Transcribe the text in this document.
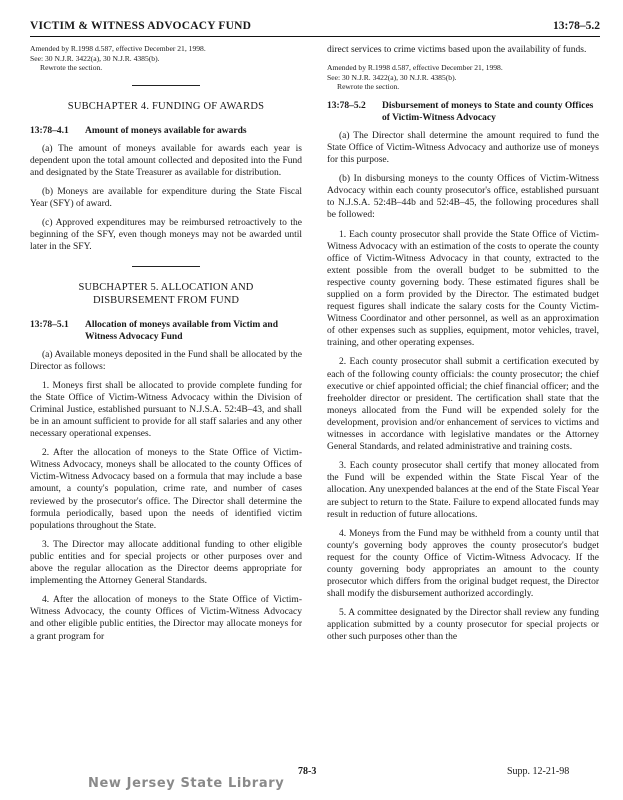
VICTIM & WITNESS ADVOCACY FUND	13:78–5.2

Amended by R.1998 d.587, effective December 21, 1998.

See: 30 N.J.R. 3422(a), 30 N.J.R. 4385(b).

Rewrote the section.

SUBCHAPTER 4. FUNDING OF AWARDS
13:78–4.1 Amount of moneys available for awards

(a) The amount of moneys available for awards each year is dependent upon the total amount collected and deposited into the Fund and designated by the State Treasurer as available for distribution.

(b) Moneys are available for expenditure during the State Fiscal Year (SFY) of award.

(c) Approved expenditures may be reimbursed retroactively to the beginning of the SFY, even though moneys may not be awarded until later in the SFY.

SUBCHAPTER 5. ALLOCATION AND
DISBURSEMENT FROM FUND
13:78–5.1 Allocation of moneys available from Victim and Witness Advocacy Fund

(a) Available moneys deposited in the Fund shall be allocated by the Director as follows:

1. Moneys first shall be allocated to provide complete funding for the State Office of Victim-Witness Advocacy within the Division of Criminal Justice, established pursuant to N.J.S.A. 52:4B–43, and shall be in an amount sufficient to provide for all staff salaries and any other necessary operational expenses.

2. After the allocation of moneys to the State Office of Victim-Witness Advocacy, moneys shall be allocated to the county Offices of Victim-Witness Advocacy based on a formula that may include a base amount, a county's population, crime rate, and number of cases reviewed by the prosecutor's office. The Director shall determine the formula periodically, based upon the needs of identified victim populations throughout the State.

3. The Director may allocate additional funding to other eligible public entities and for special projects or other purposes over and above the regular allocation as the Director deems appropriate for implementing the Attorney General Standards.

4. After the allocation of moneys to the State Office of Victim-Witness Advocacy, the county Offices of Victim-Witness Advocacy and other eligible public entities, the Director may allocate moneys for a grant program for

direct services to crime victims based upon the availability of funds.

Amended by R.1998 d.587, effective December 21, 1998.

See: 30 N.J.R. 3422(a), 30 N.J.R. 4385(b).

Rewrote the section.

13:78–5.2 Disbursement of moneys to State and county Offices of Victim-Witness Advocacy

(a) The Director shall determine the amount required to fund the State Office of Victim-Witness Advocacy and authorize use of moneys for this purpose.

(b) In disbursing moneys to the county Offices of Victim-Witness Advocacy within each county prosecutor's office, established pursuant to N.J.S.A. 52:4B–44b and 52:4B–45, the following procedures shall be followed:

1. Each county prosecutor shall provide the State Office of Victim-Witness Advocacy with an estimation of the costs to operate the county office of Victim-Witness Advocacy in that county, extracted to the extent possible from the overall budget to be submitted to the respective county governing body. These estimated figures shall be supplied on a form provided by the Director. The estimated budget request figures shall indicate the salary costs for the County Victim-Witness Coordinator and other personnel, as well as an approximation of other expenses such as supplies, equipment, motor vehicles, travel, training, and other operating expenses.

2. Each county prosecutor shall submit a certification executed by each of the following county officials: the county prosecutor; the chief executive or chief appointed official; the chief financial officer; and the freeholder director or president. The certification shall state that the moneys allocated from the Fund will be expended solely for the development, provision and/or enhancement of services to victims and witnesses in accordance with legislative mandates or the Attorney General Standards, and related administrative and training costs.

3. Each county prosecutor shall certify that money allocated from the Fund will be expended within the State Fiscal Year of the allocation. Any unexpended balances at the end of the State Fiscal Year are subject to return to the State. Failure to expend allocated funds may result in reduction of future allocations.

4. Moneys from the Fund may be withheld from a county until that county's governing body approves the county prosecutor's budget request for the county Office of Victim-Witness Advocacy. If the county governing body appropriates an amount to the county prosecutor which differs from the original budget request, the Director shall modify the disbursement authorized accordingly.

5. A committee designated by the Director shall review any funding application submitted by a county prosecutor for special projects or other such purposes other than the

78-3	Supp. 12-21-98
New Jersey State Library
